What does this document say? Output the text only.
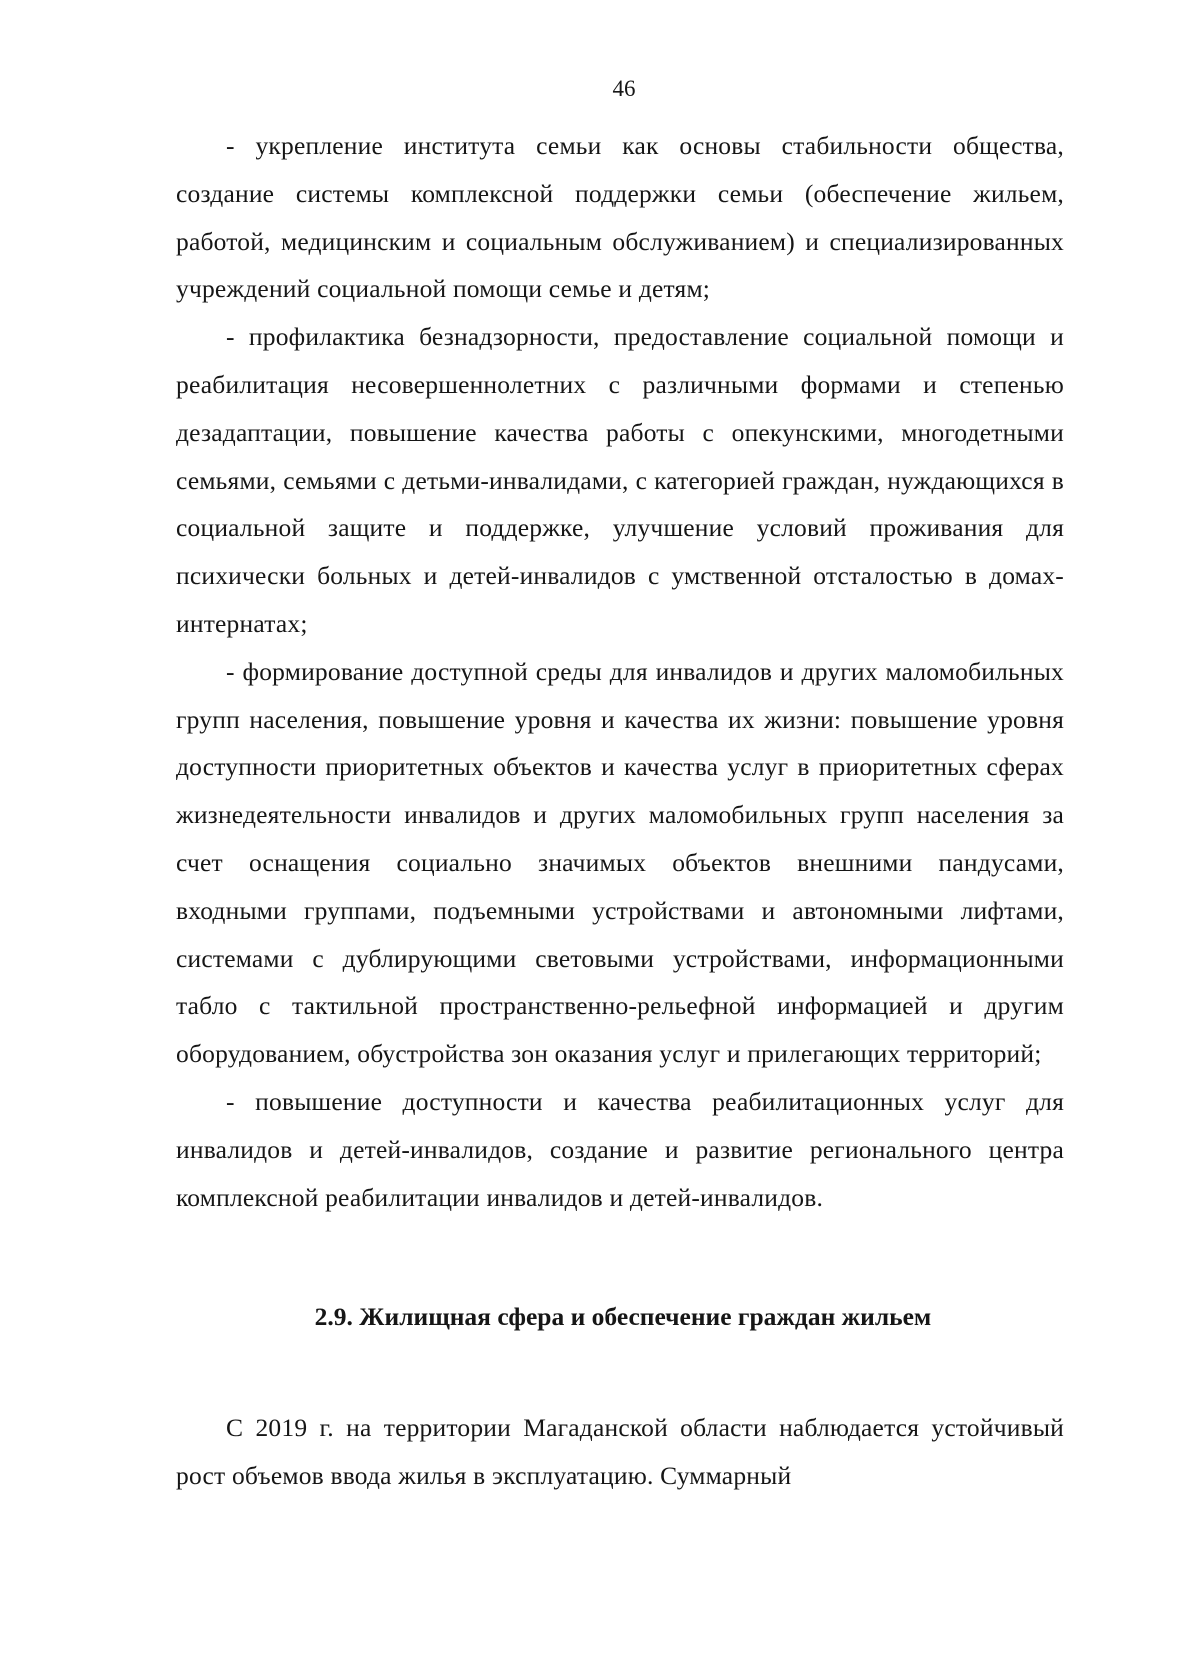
46

- укрепление института семьи как основы стабильности общества, создание системы комплексной поддержки семьи (обеспечение жильем, работой, медицинским и социальным обслуживанием) и специализированных учреждений социальной помощи семье и детям;

- профилактика безнадзорности, предоставление социальной помощи и реабилитация несовершеннолетних с различными формами и степенью дезадаптации, повышение качества работы с опекунскими, многодетными семьями, семьями с детьми-инвалидами, с категорией граждан, нуждающихся в социальной защите и поддержке, улучшение условий проживания для психически больных и детей-инвалидов с умственной отсталостью в домах-интернатах;

- формирование доступной среды для инвалидов и других маломобильных групп населения, повышение уровня и качества их жизни: повышение уровня доступности приоритетных объектов и качества услуг в приоритетных сферах жизнедеятельности инвалидов и других маломобильных групп населения за счет оснащения социально значимых объектов внешними пандусами, входными группами, подъемными устройствами и автономными лифтами, системами с дублирующими световыми устройствами, информационными табло с тактильной пространственно-рельефной информацией и другим оборудованием, обустройства зон оказания услуг и прилегающих территорий;

- повышение доступности и качества реабилитационных услуг для инвалидов и детей-инвалидов, создание и развитие регионального центра комплексной реабилитации инвалидов и детей-инвалидов.

2.9. Жилищная сфера и обеспечение граждан жильем

С 2019 г. на территории Магаданской области наблюдается устойчивый рост объемов ввода жилья в эксплуатацию. Суммарный
